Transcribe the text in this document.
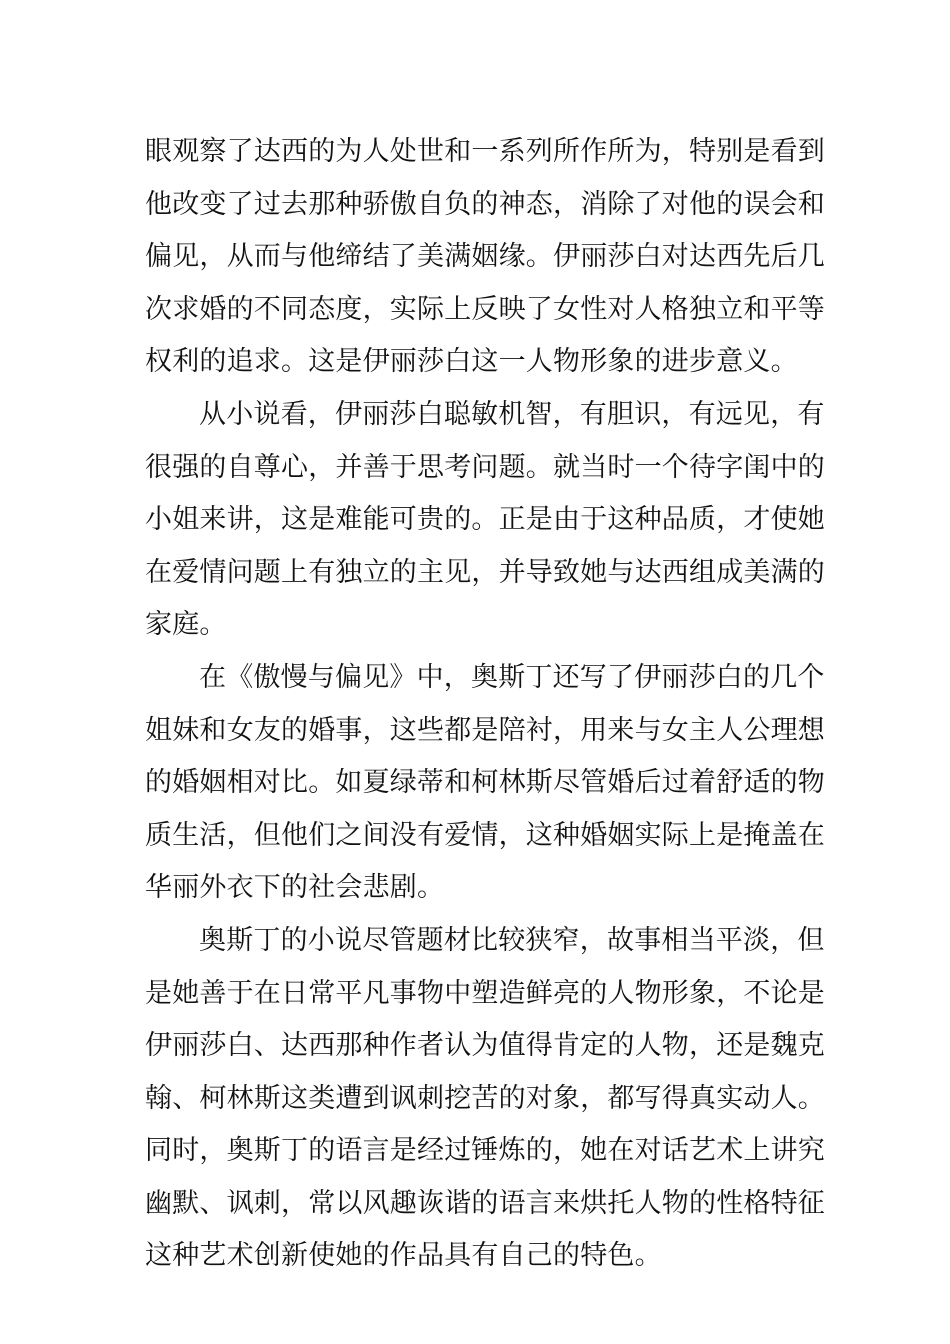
眼观察了达西的为人处世和一系列所作所为，特别是看到
他改变了过去那种骄傲自负的神态，消除了对他的误会和
偏见，从而与他缔结了美满姻缘。伊丽莎白对达西先后几
次求婚的不同态度，实际上反映了女性对人格独立和平等
权利的追求。这是伊丽莎白这一人物形象的进步意义。
从小说看，伊丽莎白聪敏机智，有胆识，有远见，有
很强的自尊心，并善于思考问题。就当时一个待字闺中的
小姐来讲，这是难能可贵的。正是由于这种品质，才使她
在爱情问题上有独立的主见，并导致她与达西组成美满的
家庭。
在《傲慢与偏见》中，奥斯丁还写了伊丽莎白的几个
姐妹和女友的婚事，这些都是陪衬，用来与女主人公理想
的婚姻相对比。如夏绿蒂和柯林斯尽管婚后过着舒适的物
质生活，但他们之间没有爱情，这种婚姻实际上是掩盖在
华丽外衣下的社会悲剧。
奥斯丁的小说尽管题材比较狭窄，故事相当平淡，但
是她善于在日常平凡事物中塑造鲜亮的人物形象，不论是
伊丽莎白、达西那种作者认为值得肯定的人物，还是魏克
翰、柯林斯这类遭到讽刺挖苦的对象，都写得真实动人。
同时，奥斯丁的语言是经过锤炼的，她在对话艺术上讲究
幽默、讽刺，常以风趣诙谐的语言来烘托人物的性格特征
这种艺术创新使她的作品具有自己的特色。
